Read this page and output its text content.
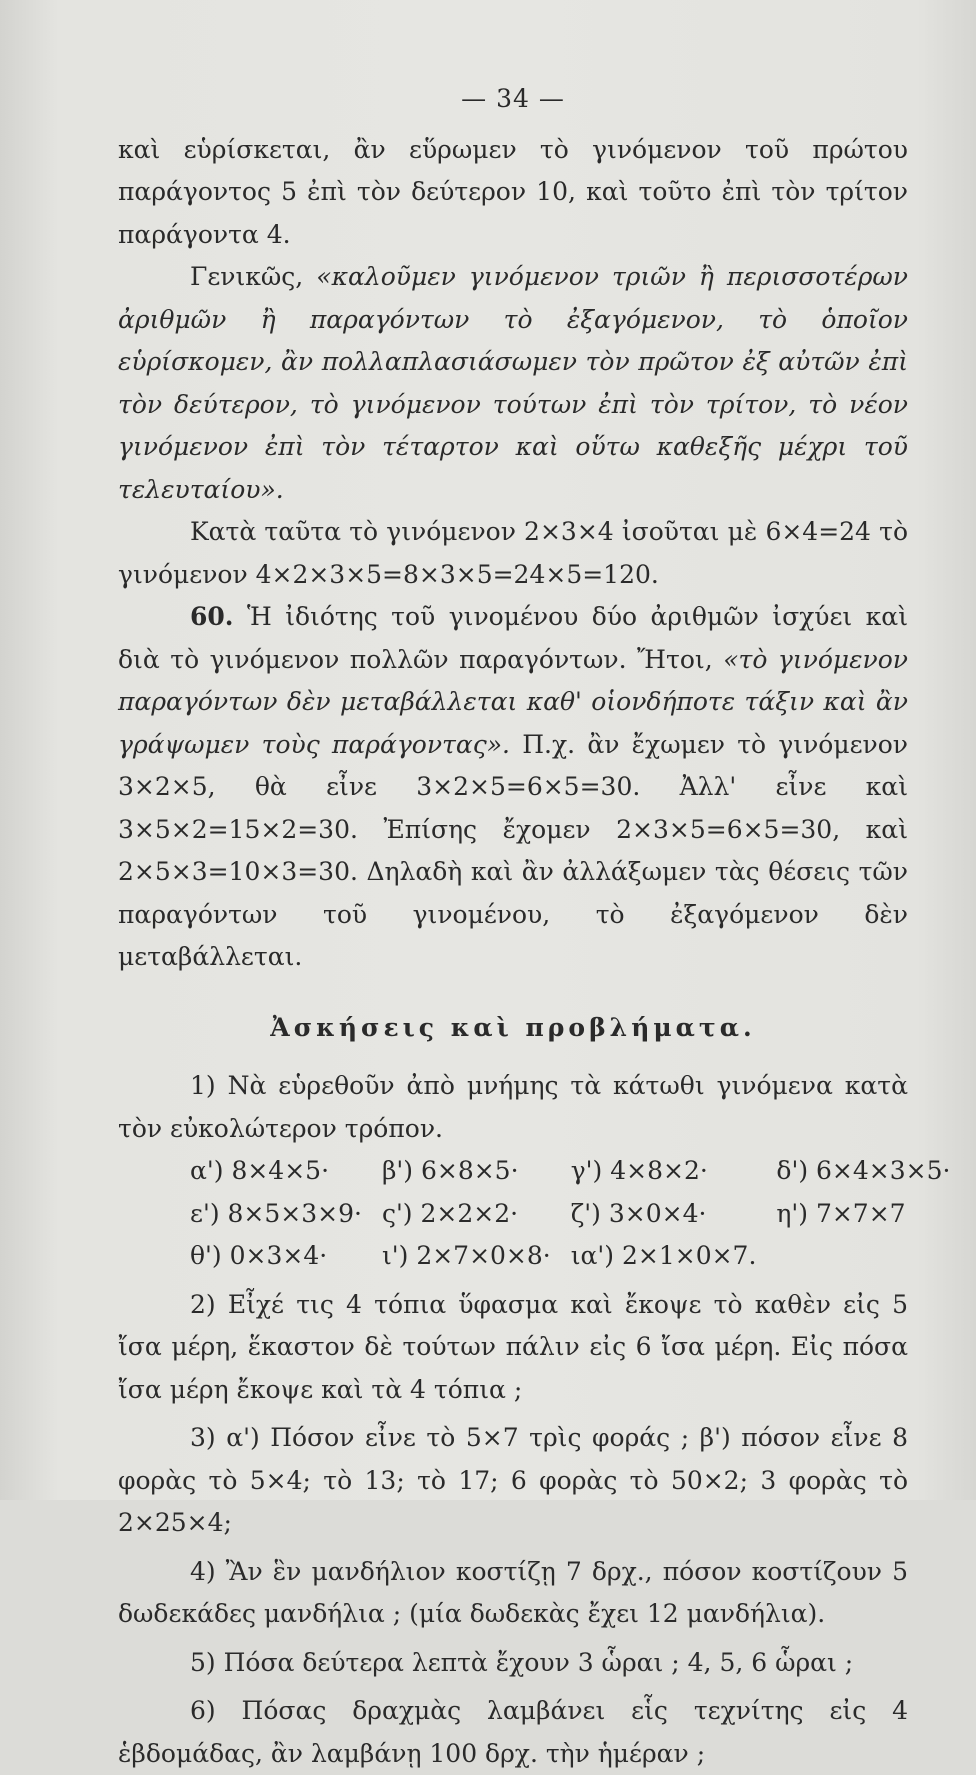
— 34 —

καὶ εὑρίσκεται, ἂν εὕρωμεν τὸ γινόμενον τοῦ πρώτου παράγοντος 5 ἐπὶ τὸν δεύτερον 10, καὶ τοῦτο ἐπὶ τὸν τρίτον παράγοντα 4.

Γενικῶς, «καλοῦμεν γινόμενον τριῶν ἢ περισσοτέρων ἀριθμῶν ἢ παραγόντων τὸ ἐξαγόμενον, τὸ ὁποῖον εὑρίσκομεν, ἂν πολλαπλασιάσωμεν τὸν πρῶτον ἐξ αὐτῶν ἐπὶ τὸν δεύτερον, τὸ γινόμενον τούτων ἐπὶ τὸν τρίτον, τὸ νέον γινόμενον ἐπὶ τὸν τέταρτον καὶ οὕτω καθεξῆς μέχρι τοῦ τελευταίου».

Κατὰ ταῦτα τὸ γινόμενον 2×3×4 ἰσοῦται μὲ 6×4=24 τὸ γινόμενον 4×2×3×5=8×3×5=24×5=120.

60. Ἡ ἰδιότης τοῦ γινομένου δύο ἀριθμῶν ἰσχύει καὶ διὰ τὸ γινόμενον πολλῶν παραγόντων. Ἤτοι, «τὸ γινόμενον παραγόντων δὲν μεταβάλλεται καθ' οἱονδήποτε τάξιν καὶ ἂν γράψωμεν τοὺς παράγοντας». Π.χ. ἂν ἔχωμεν τὸ γινόμενον 3×2×5, θὰ εἶνε 3×2×5=6×5=30. Ἀλλ' εἶνε καὶ 3×5×2=15×2=30. Ἐπίσης ἔχομεν 2×3×5=6×5=30, καὶ 2×5×3=10×3=30. Δηλαδὴ καὶ ἂν ἀλλάξωμεν τὰς θέσεις τῶν παραγόντων τοῦ γινομένου, τὸ ἐξαγόμενον δὲν μεταβάλλεται.

Ἀσκήσεις καὶ προβλήματα.

1) Νὰ εὑρεθοῦν ἀπὸ μνήμης τὰ κάτωθι γινόμενα κατὰ τὸν εὐκολώτερον τρόπον.

α') 8×4×5·	β') 6×8×5·	γ') 4×8×2·	δ') 6×4×3×5·
ε') 8×5×3×9· ς') 2×2×2·	ζ') 3×0×4·	η') 7×7×7
θ') 0×3×4·	ι') 2×7×0×8· ια') 2×1×0×7.

2) Εἶχέ τις 4 τόπια ὕφασμα καὶ ἔκοψε τὸ καθὲν εἰς 5 ἴσα μέρη, ἕκαστον δὲ τούτων πάλιν εἰς 6 ἴσα μέρη. Εἰς πόσα ἴσα μέρη ἔκοψε καὶ τὰ 4 τόπια ;

3) α') Πόσον εἶνε τὸ 5×7 τρὶς φοράς ; β') πόσον εἶνε 8 φορὰς τὸ 5×4; τὸ 13; τὸ 17; 6 φορὰς τὸ 50×2; 3 φορὰς τὸ 2×25×4;

4) Ἂν ἓν μανδήλιον κοστίζῃ 7 δρχ., πόσον κοστίζουν 5 δωδεκάδες μανδήλια ; (μία δωδεκὰς ἔχει 12 μανδήλια).

5) Πόσα δεύτερα λεπτὰ ἔχουν 3 ὧραι ; 4, 5, 6 ὧραι ;

6) Πόσας δραχμὰς λαμβάνει εἷς τεχνίτης εἰς 4 ἑβδομάδας, ἂν λαμβάνῃ 100 δρχ. τὴν ἡμέραν ;
